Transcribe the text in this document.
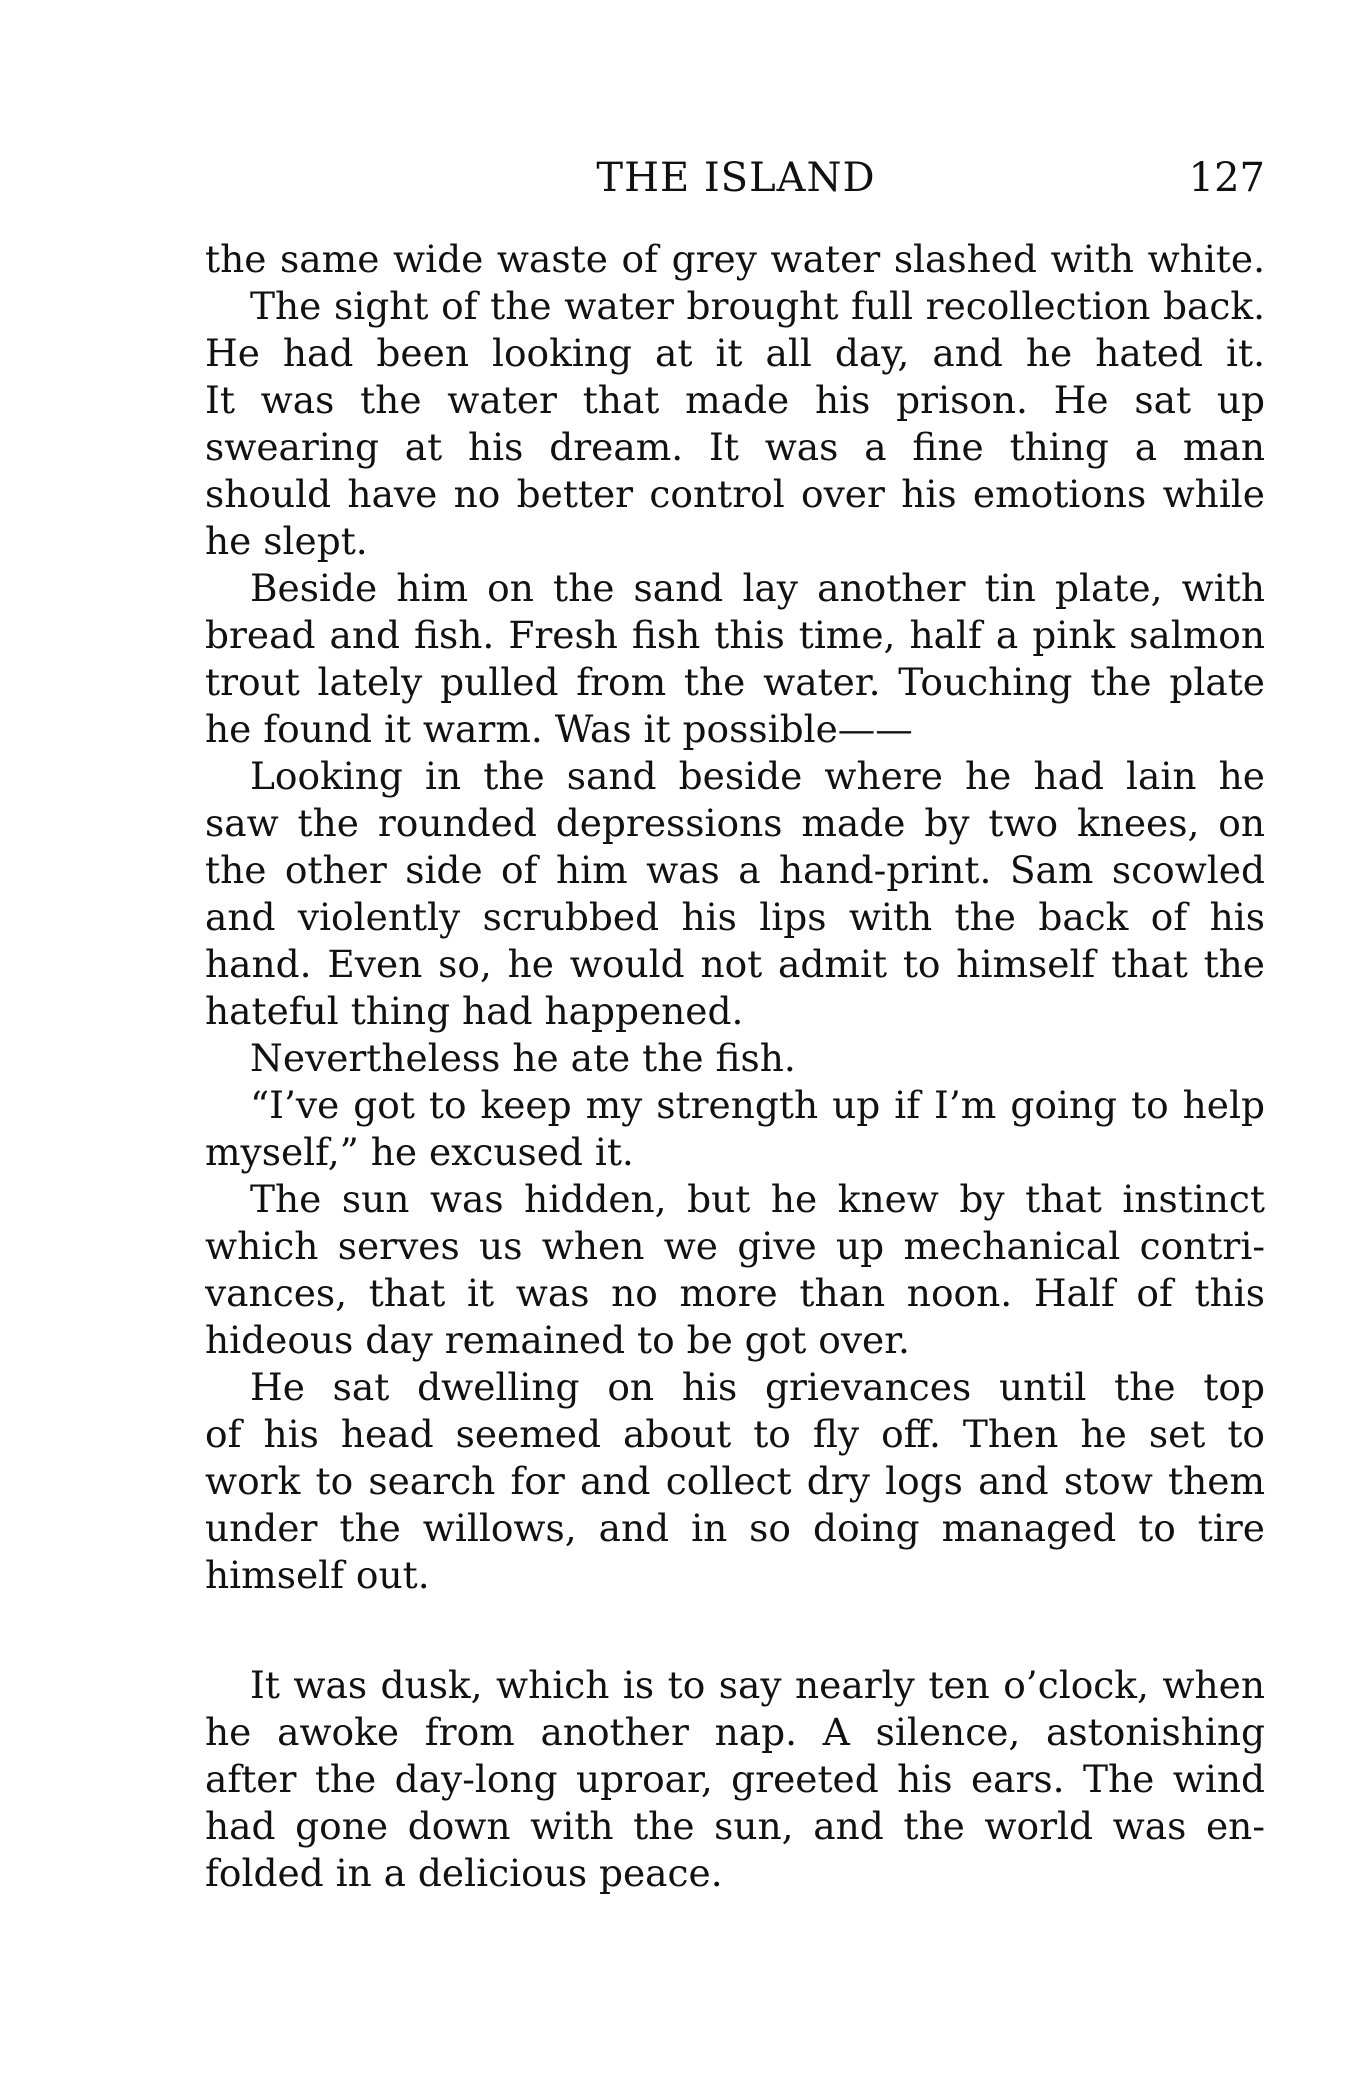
THE ISLAND	127
the same wide waste of grey water slashed with white.
The sight of the water brought full recollection back.
He had been looking at it all day, and he hated it.
It was the water that made his prison. He sat up
swearing at his dream. It was a fine thing a man
should have no better control over his emotions while
he slept.
Beside him on the sand lay another tin plate, with
bread and fish. Fresh fish this time, half a pink salmon
trout lately pulled from the water. Touching the plate
he found it warm. Was it possible——
Looking in the sand beside where he had lain he
saw the rounded depressions made by two knees, on
the other side of him was a hand-print. Sam scowled
and violently scrubbed his lips with the back of his
hand. Even so, he would not admit to himself that the
hateful thing had happened.
Nevertheless he ate the fish.
“I’ve got to keep my strength up if I’m going to help
myself,” he excused it.
The sun was hidden, but he knew by that instinct
which serves us when we give up mechanical contri-
vances, that it was no more than noon. Half of this
hideous day remained to be got over.
He sat dwelling on his grievances until the top
of his head seemed about to fly off. Then he set to
work to search for and collect dry logs and stow them
under the willows, and in so doing managed to tire
himself out.
It was dusk, which is to say nearly ten o’clock, when
he awoke from another nap. A silence, astonishing
after the day-long uproar, greeted his ears. The wind
had gone down with the sun, and the world was en-
folded in a delicious peace.
